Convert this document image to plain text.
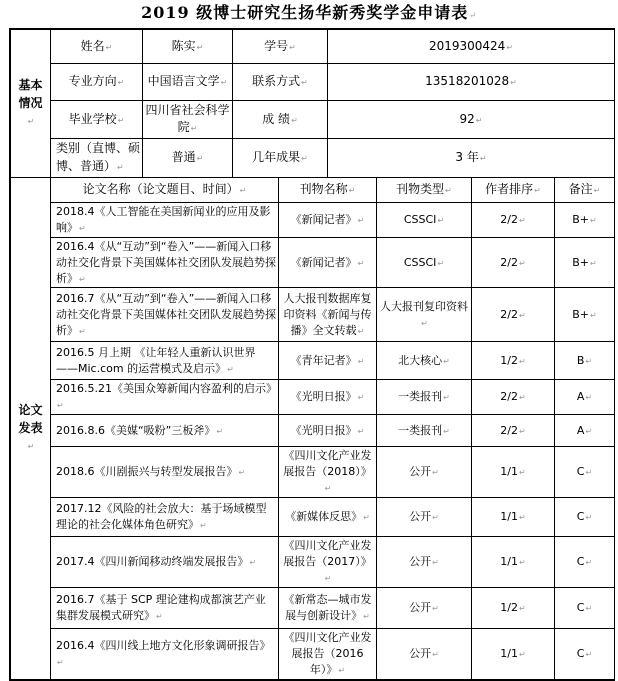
2019 级博士研究生扬华新秀奖学金申请表 ↵
基本情况 ↵	姓名 ↵	陈实 ↵	学号 ↵	2019300424 ↵
	专业方向 ↵	中国语言文学 ↵	联系方式 ↵	13518201028 ↵
	毕业学校 ↵	四川省社会科学院 ↵	成 绩 ↵	92 ↵
	类别（直博、硕博、普通） ↵	普通 ↵	几年成果 ↵	3 年 ↵
论文发表 ↵	论文名称（论文题目、时间） ↵	刊物名称 ↵	刊物类型 ↵	作者排序 ↵	备注 ↵
	2018.4《人工智能在美国新闻业的应用及影响》 ↵	《新闻记者》 ↵	CSSCI ↵	2/2 ↵	B+ ↵
	2016.4《从“互动”到“卷入”——新闻入口移动社交化背景下美国媒体社交团队发展趋势探析》 ↵	《新闻记者》 ↵	CSSCI ↵	2/2 ↵	B+ ↵
	2016.7《从“互动”到“卷入”——新闻入口移动社交化背景下美国媒体社交团队发展趋势探析》 ↵	人大报刊数据库复印资料《新闻与传播》全文转载 ↵	人大报刊复印资料 ↵	2/2 ↵	B+ ↵
	2016.5 月上期 《让年轻人重新认识世界——Mic.com 的运营模式及启示》 ↵	《青年记者》 ↵	北大核心 ↵	1/2 ↵	B ↵
	2016.5.21《美国众筹新闻内容盈利的启示》 ↵	《光明日报》 ↵	一类报刊 ↵	2/2 ↵	A ↵
	2016.8.6《美媒“吸粉”三板斧》 ↵	《光明日报》 ↵	一类报刊 ↵	2/2 ↵	A ↵
	2018.6《川剧振兴与转型发展报告》 ↵	《四川文化产业发展报告（2018）》 ↵	公开 ↵	1/1 ↵	C ↵
	2017.12《风险的社会放大：基于场域模型理论的社会化媒体角色研究》 ↵	《新媒体反思》 ↵	公开 ↵	1/1 ↵	C ↵
	2017.4《四川新闻移动终端发展报告》 ↵	《四川文化产业发展报告（2017）》 ↵	公开 ↵	1/1 ↵	C ↵
	2016.7《基于 SCP 理论建构成都演艺产业集群发展模式研究》 ↵	《新常态—城市发展与创新设计》 ↵	公开 ↵	1/2 ↵	C ↵
	2016.4《四川线上地方文化形象调研报告》 ↵	《四川文化产业发展报告（2016 年）》 ↵	公开 ↵	1/1 ↵	C ↵
